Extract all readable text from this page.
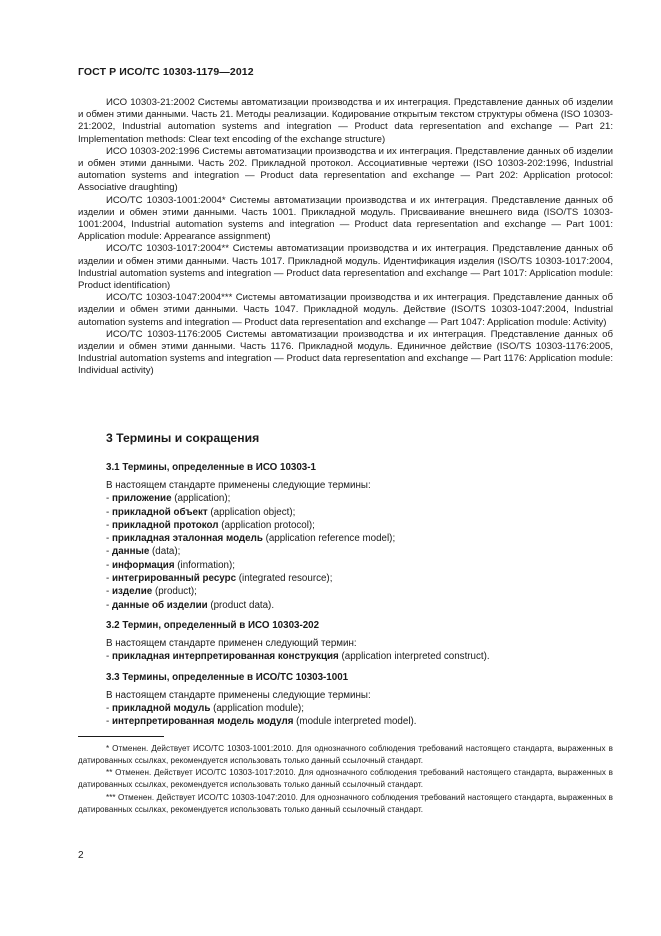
ГОСТ Р ИСО/ТС 10303-1179—2012

ИСО 10303-21:2002 Системы автоматизации производства и их интеграция. Представление данных об изделии и обмен этими данными. Часть 21. Методы реализации. Кодирование открытым текстом структуры обмена (ISO 10303-21:2002, Industrial automation systems and integration — Product data representation and exchange — Part 21: Implementation methods: Clear text encoding of the exchange structure)

ИСО 10303-202:1996 Системы автоматизации производства и их интеграция. Представление данных об изделии и обмен этими данными. Часть 202. Прикладной протокол. Ассоциативные чертежи (ISO 10303-202:1996, Industrial automation systems and integration — Product data representation and exchange — Part 202: Application protocol: Associative draughting)

ИСО/ТС 10303-1001:2004* Системы автоматизации производства и их интеграция. Представление данных об изделии и обмен этими данными. Часть 1001. Прикладной модуль. Присваивание внешнего вида (ISO/TS 10303-1001:2004, Industrial automation systems and integration — Product data representation and exchange — Part 1001: Application module: Appearance assignment)

ИСО/ТС 10303-1017:2004** Системы автоматизации производства и их интеграция. Представление данных об изделии и обмен этими данными. Часть 1017. Прикладной модуль. Идентификация изделия (ISO/TS 10303-1017:2004, Industrial automation systems and integration — Product data representation and exchange — Part 1017: Application module: Product identification)

ИСО/ТС 10303-1047:2004*** Системы автоматизации производства и их интеграция. Представление данных об изделии и обмен этими данными. Часть 1047. Прикладной модуль. Действие (ISO/TS 10303-1047:2004, Industrial automation systems and integration — Product data representation and exchange — Part 1047: Application module: Activity)

ИСО/ТС 10303-1176:2005 Системы автоматизации производства и их интеграция. Представление данных об изделии и обмен этими данными. Часть 1176. Прикладной модуль. Единичное действие (ISO/TS 10303-1176:2005, Industrial automation systems and integration — Product data representation and exchange — Part 1176: Application module: Individual activity)

3 Термины и сокращения

3.1 Термины, определенные в ИСО 10303-1

В настоящем стандарте применены следующие термины:

- приложение (application);

- прикладной объект (application object);

- прикладной протокол (application protocol);

- прикладная эталонная модель (application reference model);

- данные (data);

- информация (information);

- интегрированный ресурс (integrated resource);

- изделие (product);

- данные об изделии (product data).

3.2 Термин, определенный в ИСО 10303-202

В настоящем стандарте применен следующий термин:

- прикладная интерпретированная конструкция (application interpreted construct).

3.3 Термины, определенные в ИСО/ТС 10303-1001

В настоящем стандарте применены следующие термины:

- прикладной модуль (application module);

- интерпретированная модель модуля (module interpreted model).

* Отменен. Действует ИСО/ТС 10303-1001:2010. Для однозначного соблюдения требований настоящего стандарта, выраженных в датированных ссылках, рекомендуется использовать только данный ссылочный стандарт.

** Отменен. Действует ИСО/ТС 10303-1017:2010. Для однозначного соблюдения требований настоящего стандарта, выраженных в датированных ссылках, рекомендуется использовать только данный ссылочный стандарт.

*** Отменен. Действует ИСО/ТС 10303-1047:2010. Для однозначного соблюдения требований настоящего стандарта, выраженных в датированных ссылках, рекомендуется использовать только данный ссылочный стандарт.

2
